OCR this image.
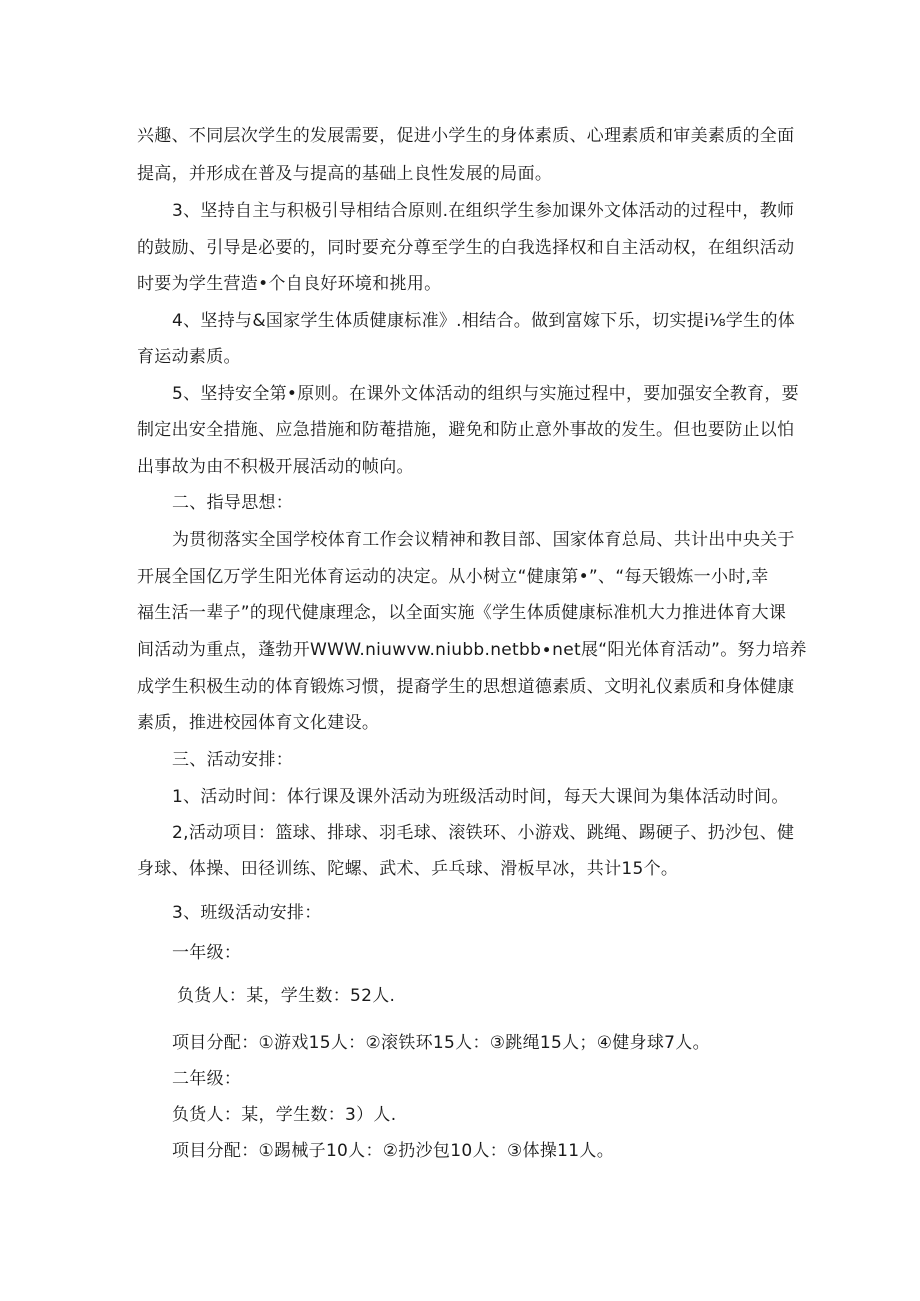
兴趣、不同层次学生的发展需要，促进小学生的身体素质、心理素质和审美素质的全面
提高，并形成在普及与提高的基础上良性发展的局面。
3、坚持自主与积极引导相结合原则.在组织学生参加课外文体活动的过程中，教师
的鼓励、引导是必要的，同时要充分尊至学生的白我选择权和自主活动权，在组织活动
时要为学生营造•个自良好环境和挑用。
4、坚持与&国家学生体质健康标准》.相结合。做到富嫁下乐，切实提i⅛学生的体
育运动素质。
5、坚持安全第•原则。在课外文体活动的组织与实施过程中，要加强安全教育，要
制定出安全措施、应急措施和防菴措施，避免和防止意外事故的发生。但也要防止以怕
出事故为由不积极开展活动的帧向。
二、指导思想：
为贯彻落实全国学校体育工作会议精神和教目部、国家体育总局、共计出中央关于
开展全国亿万学生阳光体育运动的决定。从小树立“健康第•”、“每天锻炼一小时,幸
福生活一辈子”的现代健康理念，以全面实施《学生体质健康标准机大力推进体育大课
间活动为重点，蓬勃开WWW.niuwvw.niubb.netbb∙net展“阳光体育活动”。努力培养
成学生积极生动的体育锻炼习惯，提裔学生的思想道德素质、文明礼仪素质和身体健康
素质，推进校园体育文化建设。
三、活动安排：
1、活动时间：体行课及课外活动为班级活动时间，每天大课间为集体活动时间。
2,活动项目：篮球、排球、羽毛球、滚铁环、小游戏、跳绳、踢硬子、扔沙包、健
身球、体操、田径训练、陀螺、武术、乒乓球、滑板早冰，共计15个。
3、班级活动安排：
一年级：
负货人：某，学生数：52人.
项目分配：①游戏15人：②滚铁环15人：③跳绳15人；④健身球7人。
二年级：
负货人：某，学生数：3）人.
项目分配：①踢械子10人：②扔沙包10人：③体操11人。
